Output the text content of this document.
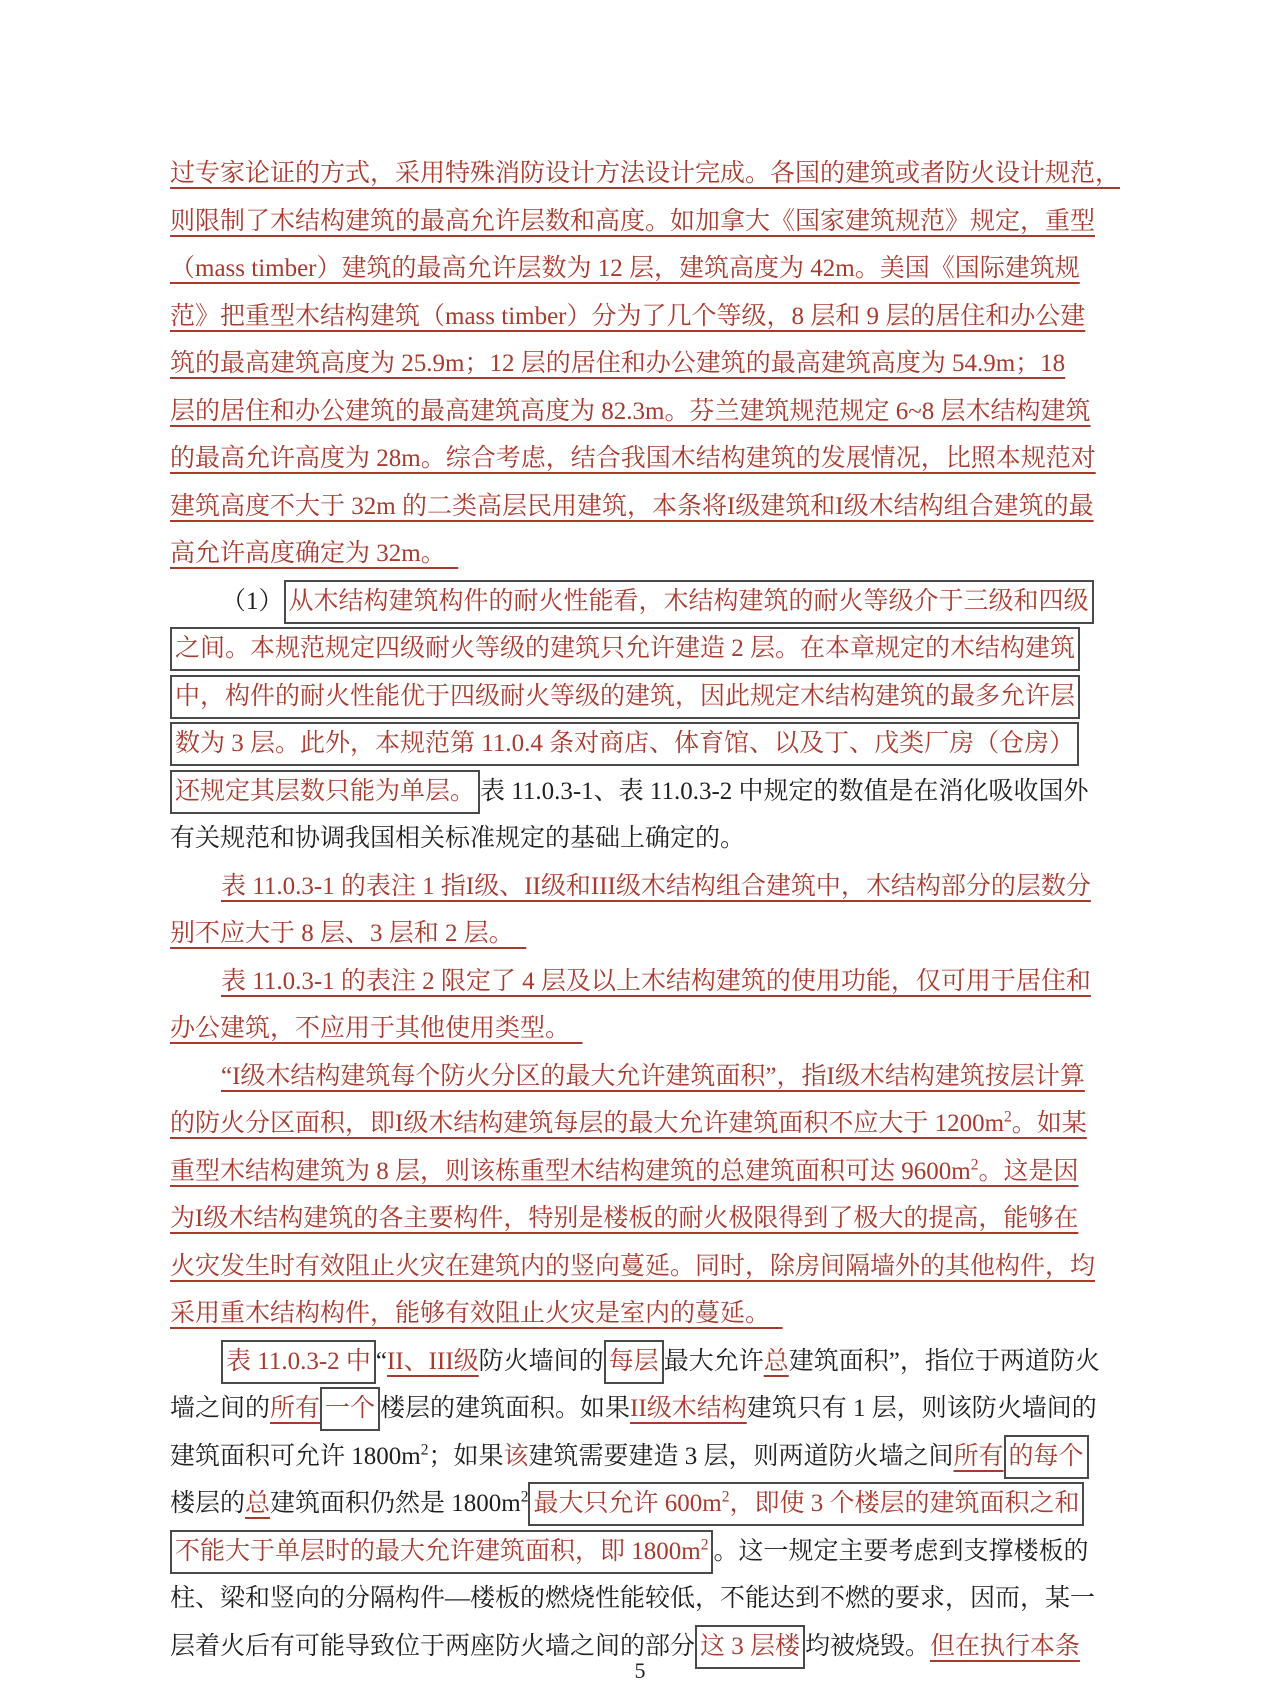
过专家论证的方式，采用特殊消防设计方法设计完成。各国的建筑或者防火设计规范，
则限制了木结构建筑的最高允许层数和高度。如加拿大《国家建筑规范》规定，重型
（mass timber）建筑的最高允许层数为 12 层，建筑高度为 42m。美国《国际建筑规
范》把重型木结构建筑（mass timber）分为了几个等级，8 层和 9 层的居住和办公建
筑的最高建筑高度为 25.9m；12 层的居住和办公建筑的最高建筑高度为 54.9m；18
层的居住和办公建筑的最高建筑高度为 82.3m。芬兰建筑规范规定 6~8 层木结构建筑
的最高允许高度为 28m。综合考虑，结合我国木结构建筑的发展情况，比照本规范对
建筑高度不大于 32m 的二类高层民用建筑，本条将I级建筑和I级木结构组合建筑的最
高允许高度确定为 32m。　
（1） 从木结构建筑构件的耐火性能看，木结构建筑的耐火等级介于三级和四级
之间。本规范规定四级耐火等级的建筑只允许建造 2 层。在本章规定的木结构建筑
中，构件的耐火性能优于四级耐火等级的建筑，因此规定木结构建筑的最多允许层
数为 3 层。此外，本规范第 11.0.4 条对商店、体育馆、以及丁、戊类厂房（仓房）
还规定其层数只能为单层。 表 11.0.3-1、表 11.0.3-2 中规定的数值是在消化吸收国外
有关规范和协调我国相关标准规定的基础上确定的。
表 11.0.3-1 的表注 1 指I级、II级和III级木结构组合建筑中，木结构部分的层数分
别不应大于 8 层、3 层和 2 层。　
表 11.0.3-1 的表注 2 限定了 4 层及以上木结构建筑的使用功能，仅可用于居住和
办公建筑，不应用于其他使用类型。　
“I级木结构建筑每个防火分区的最大允许建筑面积”，指I级木结构建筑按层计算
的防火分区面积，即I级木结构建筑每层的最大允许建筑面积不应大于 $1200m^2$。如某
重型木结构建筑为 8 层，则该栋重型木结构建筑的总建筑面积可达 $9600m^2$。这是因
为I级木结构建筑的各主要构件，特别是楼板的耐火极限得到了极大的提高，能够在
火灾发生时有效阻止火灾在建筑内的竖向蔓延。同时，除房间隔墙外的其他构件，均
采用重木结构构件，能够有效阻止火灾是室内的蔓延。　
表 11.0.3-2 中 “II、III级防火墙间的 每层 最大允许总建筑面积”，指位于两道防火
墙之间的所有 一个 楼层的建筑面积。如果II级木结构建筑只有 1 层，则该防火墙间的
建筑面积可允许 $1800m^2$；如果该建筑需要建造 3 层，则两道防火墙之间所有 的每个
楼层的总建筑面积仍然是 $1800m^2$ 最大只允许 $600m^2$，即使 3 个楼层的建筑面积之和
不能大于单层时的最大允许建筑面积，即 $1800m^2$ 。这一规定主要考虑到支撑楼板的
柱、梁和竖向的分隔构件—楼板的燃烧性能较低，不能达到不燃的要求，因而，某一
层着火后有可能导致位于两座防火墙之间的部分 这 3 层楼 均被烧毁。但在执行本条
5
